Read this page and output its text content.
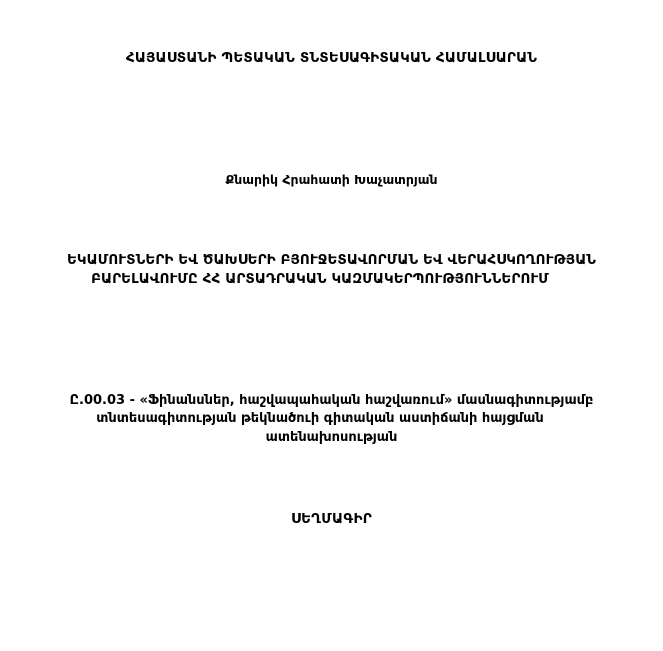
ՀԱՅԱՍՏԱՆԻ ՊԵՏԱԿԱՆ ՏՆՏԵՍԱԳԻՏԱԿԱՆ ՀԱՄԱԼՍԱՐԱՆ
Քնարիկ Հրահատի Խաչատրյան
ԵԿԱՄՈՒՏՆԵՐԻ ԵՎ ԾԱԽՍԵՐԻ ԲՅՈՒՋԵՏԱՎՈՐՄԱՆ ԵՎ ՎԵՐԱՀՍԿՈՂՈՒԹՅԱՆ
ԲԱՐԵԼԱՎՈՒՄԸ ՀՀ ԱՐՏԱԴՐԱԿԱՆ ԿԱԶՄԱԿԵՐՊՈՒԹՅՈՒՆՆԵՐՈՒՄ
Ը.00.03 - «Ֆինանսներ, հաշվապահական հաշվառում» մասնագիտությամբ
տնտեսագիտության թեկնածուի գիտական աստիճանի հայցման
ատենախոսության
ՍԵՂՄԱԳԻՐ
